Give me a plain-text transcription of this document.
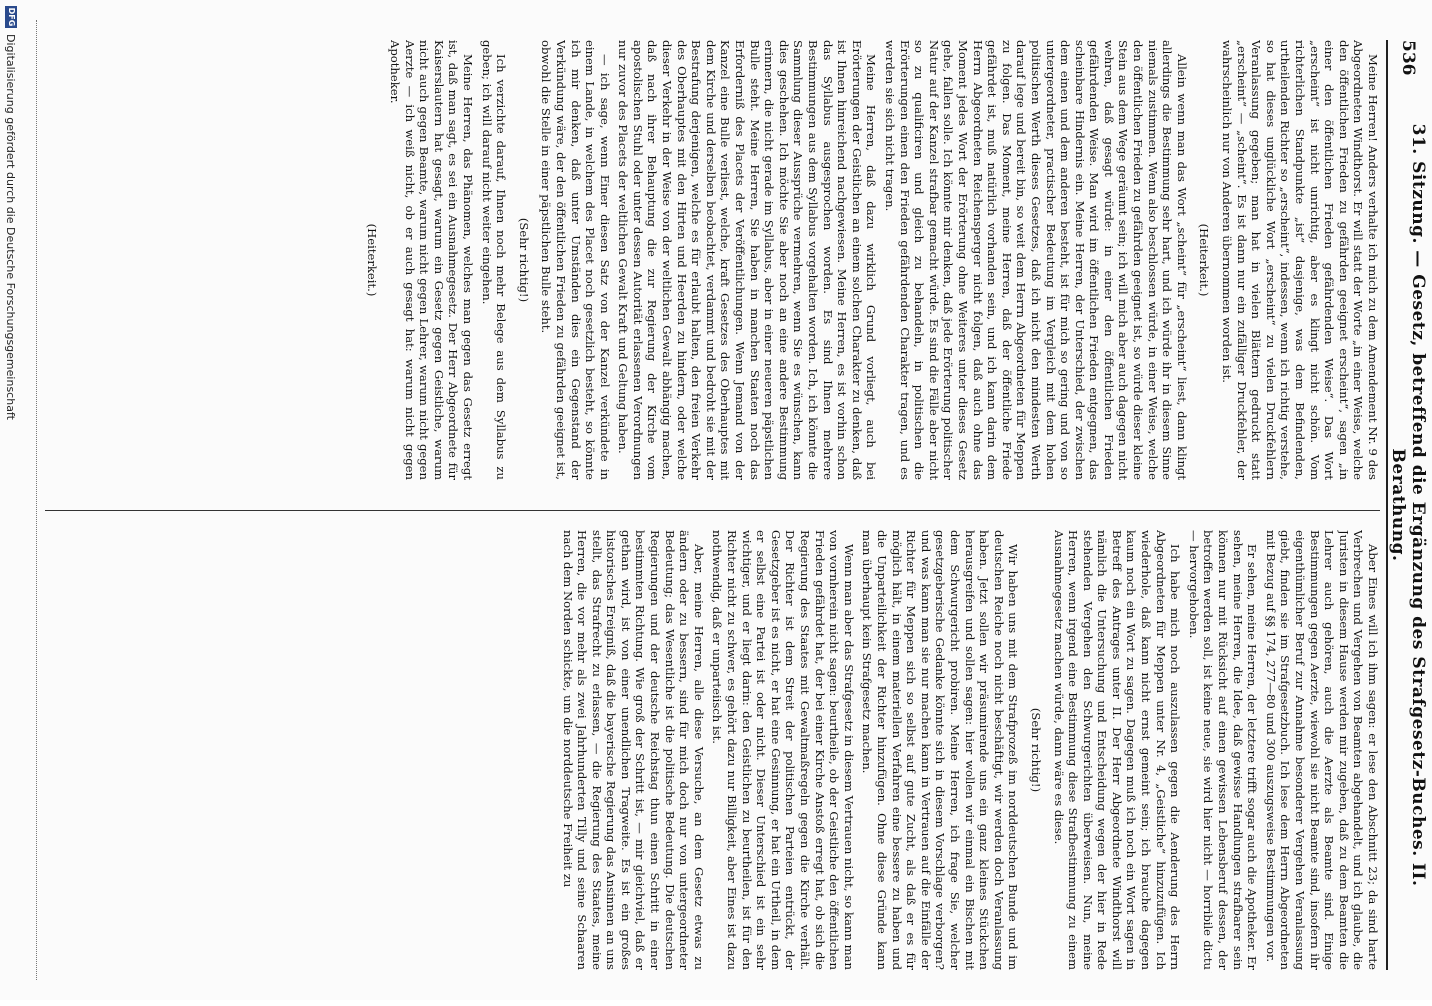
536
31. Sitzung. — Gesetz, betreffend die Ergänzung des Strafgesetz-Buches. II. Berathung.

Meine Herren! Anders verhalte ich mich zu dem Amendement Nr. 9 des Abgeordneten Windthorst. Er will statt der Worte „in einer Weise, welche den öffentlichen Frieden zu gefährden geeignet erscheint“, sagen „in einer den öffentlichen Frieden gefährdenden Weise“. Das Wort „erscheint“ ist nicht unrichtig, aber es klingt nicht schön. Vom richterlichen Standpunkte „ist“ dasjenige, was dem Befindenden, urtheilenden Richter so „erscheint“, indessen, wenn ich richtig verstehe, so hat dieses unglückliche Wort „erscheint“ zu vielen Druckfehlern Veranlassung gegeben; man hat in vielen Blättern gedruckt statt „erscheint“ — „scheint“. Es ist dann nur ein zufälliger Druckfehler, der wahrscheinlich nur von Anderen übernommen worden ist.

(Heiterkeit.)

Allein wenn man das Wort „scheint“ für „erscheint“ liest, dann klingt allerdings die Bestimmung sehr hart, und ich würde ihr in diesem Sinne niemals zustimmen. Wenn also beschlossen würde, in einer Weise, welche den öffentlichen Frieden zu gefährden geeignet ist, so würde dieser kleine Stein aus dem Wege geräumt sein; ich will mich aber auch dagegen nicht wehren, daß gesagt würde: in einer den öffentlichen Frieden gefährdenden Weise. Man wird im öffentlichen Frieden entgegnen, das scheinbare Hindernis ein. Meine Herren, der Unterschied, der zwischen dem einen und dem anderen besteht, ist für mich so gering und von so untergeordneter, practischer Bedeutung im Vergleich mit dem hohen politischen Werth dieses Gesetzes, daß ich nicht den mindesten Werth darauf lege und bereit bin, so weit dem Herrn Abgeordneten für Meppen zu folgen. Das Moment, meine Herren, daß der öffentliche Friede gefährdet ist, muß natürlich vorhanden sein, und ich kann darin dem Herrn Abgeordneten Reichensperger nicht folgen, daß auch ohne das Moment jedes Wort der Erörterung ohne Weiteres unter dieses Gesetz gehe, fallen solle. Ich könnte mir denken, daß jede Erörterung politischer Natur auf der Kanzel strafbar gemacht würde. Es sind die Fälle aber nicht so zu qualificiren und gleich zu behandeln, in politischen die Erörterungen einen den Frieden gefährdenden Charakter tragen, und es werden sie sich nicht tragen.

Meine Herren, daß dazu wirklich Grund vorliegt, auch bei Erörterungen der Geistlichen an einem solchen Charakter zu denken, daß ist Ihnen hinreichend nachgewiesen. Meine Herren, es ist vorhin schon das Syllabus ausgesprochen worden. Es sind Ihnen mehrere Bestimmungen aus dem Syllabus vorgehalten worden. Ich, ich könnte die Sammlung dieser Aussprüche vermehren, wenn Sie es wünschen, kann dies geschehen. Ich möchte Sie aber noch an eine andere Bestimmung erinnern, die nicht gerade im Syllabus, aber in einer neueren päpstlichen Bulle steht. Meine Herren, Sie haben in manchen Staaten noch das Erforderniß des Placets der Veröffentlichungen. Wenn Jemand von der Kanzel eine Bulle verliest, welche, kraft Gesetzes des Oberhauptes mit dem Kirche und derselben beobachtet, verdammt und bedroht sie mit der Bestrafung derjenigen, welche es für erlaubt halten, den freien Verkehr des Oberhauptes mit den Hirten und Heerden zu hindern, oder welche dieser Verkehr in der Weise von der weltlichen Gewalt abhängig machen, daß nach ihrer Behauptung die zur Regierung der Kirche vom apostolischen Stuhl oder unter dessen Autorität erlassenen Verordnungen nur zuvor des Placets der weltlichen Gewalt Kraft und Geltung haben.

— ich sage, wenn Einer diesen Satz von der Kanzel verkündete in einem Lande, in welchem des Placet noch gesetzlich besteht, so könnte ich mir denken, daß unter Umständen dies ein Gegenstand der Verkündung wäre, der den öffentlichen Frieden zu gefährden geeignet ist, obwohl die Stelle in einer päpstlichen Bulle steht.

(Sehr richtig!)

Ich verzichte darauf, Ihnen noch mehr Belege aus dem Syllabus zu geben; ich will darauf nicht weiter eingehen.

Meine Herren, das Phänomen, welches man gegen das Gesetz erregt ist, daß man sagt, es sei ein Ausnahmegesetz. Der Herr Abgeordnete für Kaiserslautern hat gesagt, warum ein Gesetz gegen Geistliche, warum nicht auch gegen Beamte, warum nicht gegen Lehrer, warum nicht gegen Aerzte — ich weiß nicht, ob er auch gesagt hat: warum nicht gegen Apotheker.

(Heiterkeit.)

Aber Eines will ich ihm sagen: er lese den Abschnitt 23; da sind harte Verbrechen und Vergehen von Beamten abgehandelt, und ich glaube, die Juristen in diesem Hause werden mir zugeben, daß zu dem Beamten die Lehrer auch gehören, auch die Aerzte als Beamte sind. Einige Bestimmungen gegen Aerzte, wiewohl sie nicht Beamte sind, insofern ihr eigenthümlicher Beruf zur Annahme besonderer Vergehen Veranlassung giebt, finden sie im Strafgesetzbuch. Ich lese dem Herrn Abgeordneten mit Bezug auf §§ 174, 277—80 und 300 auszugsweise Bestimmungen vor.

Er sehen, meine Herren, der letztere trifft sogar auch die Apotheker. Er sehen, meine Herren, die Idee, daß gewisse Handlungen strafbarer sein können nur mit Rücksicht auf einen gewissen Lebensberuf dessen, der betroffen werden soll, ist keine neue, sie wird hier nicht — horribile dictu — hervorgehoben.

Ich habe mich noch auszulassen gegen die Aenderung des Herrn Abgeordneten für Meppen unter Nr. 4, „Geistliche“ hinzuzufügen. Ich wiederhole, daß kann nicht ernst gemeint sein; ich brauche dagegen kaum noch ein Wort zu sagen. Dagegen muß ich noch ein Wort sagen in Betreff des Antrages unter II. Der Herr Abgeordnete Windthorst will nämlich die Untersuchung und Entscheidung wegen der hier in Rede stehenden Vergehen den Schwurgerichten überweisen. Nun, meine Herren, wenn irgend eine Bestimmung diese Strafbestimmung zu einem Ausnahmegesetz machen würde, dann wäre es diese.

(Sehr richtig!)

Wir haben uns mit dem Strafprozeß im norddeutschen Bunde und im deutschen Reiche noch nicht beschäftigt, wir werden doch Veranlassung haben. Jetzt sollen wir präsumirende uns ein ganz kleines Stückchen herausgreifen und sollen sagen: hier wollen wir einmal ein Bischen mit dem Schwurgericht probiren. Meine Herren, ich frage Sie, welcher gesetzgeberische Gedanke könnte sich in diesem Vorschlage verborgen? und was kann man sie nur machen kann in Vertrauen auf die Einfälle der Richter für Meppen sich so selbst auf gute Zucht, als daß er es für möglich hält, in einem materiellen Verfahren eine bessere zu haben und die Unparteilichkeit der Richter hinzufügen. Ohne diese Gründe kann man überhaupt kein Strafgesetz machen.

Wenn man aber das Strafgesetz in diesem Vertrauen nicht, so kann man von vornherein nicht sagen: beurtheile, ob der Geistliche den öffentlichen Frieden gefährdet hat, der bei einer Kirche Anstoß erregt hat, ob sich die Regierung des Staates mit Gewaltmaßregeln gegen die Kirche verhält. Der Richter ist dem Streit der politischen Parteien entrückt, der Gesetzgeber ist es nicht, er hat eine Gesinnung, er hat ein Urtheil, in dem er selbst eine Partei ist oder nicht. Dieser Unterschied ist ein sehr wichtiger, und er liegt darin: den Geistlichen zu beurtheilen, ist für den Richter nicht zu schwer, es gehört dazu nur Billigkeit, aber Eines ist dazu nothwendig, daß er unparteiisch ist.

Aber, meine Herren, alle diese Versuche, an dem Gesetz etwas zu ändern oder zu bessern, sind für mich doch nur von untergeordneter Bedeutung; das Wesentliche ist die politische Bedeutung. Die deutschen Regierungen und der deutsche Reichstag thun einen Schritt in einer bestimmten Richtung. Wie groß der Schritt ist, — mir gleichviel, daß er gethan wird, ist von einer unendlichen Tragweite. Es ist ein großes historisches Ereigniß, daß die bayerische Regierung das Ansinnen an uns stellt, das Strafrecht zu erlassen, — die Regierung des Staates, meine Herren, die vor mehr als zwei Jahrhunderten Tilly und seine Schaaren nach dem Norden schickte, um die norddeutsche Freiheit zu

DFG
Digitalisierung gefördert durch die Deutsche Forschungsgemeinschaft
